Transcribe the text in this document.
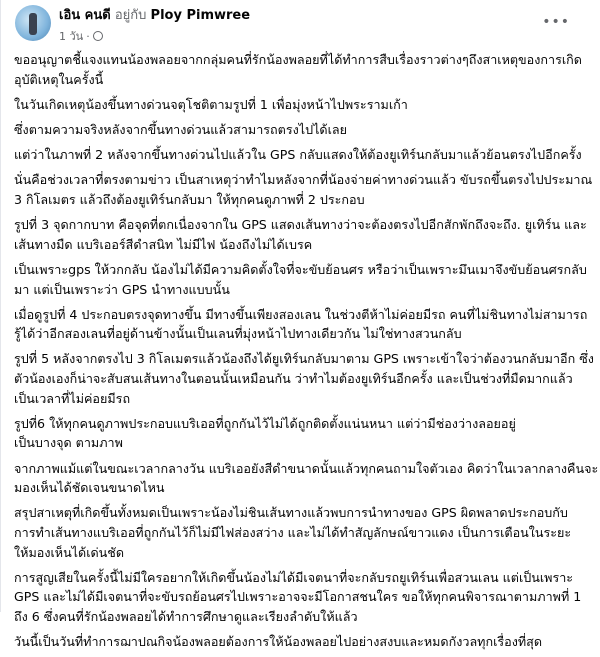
เอิน คนดี อยู่กับ Ploy Pimwree
1 วัน ·
•••
ขออนุญาตชี้แจงแทนน้องพลอยจากกลุ่มคนที่รักน้องพลอยที่ได้ทำการสืบเรื่องราวต่างๆถึงสาเหตุของการเกิด
อุบัติเหตุในครั้งนี้
ในวันเกิดเหตุน้องขึ้นทางด่วนจตุโชติตามรูปที่ 1 เพื่อมุ่งหน้าไปพระรามเก้า
ซึ่งตามความจริงหลังจากขึ้นทางด่วนแล้วสามารถตรงไปได้เลย
แต่ว่าในภาพที่ 2 หลังจากขึ้นทางด่วนไปแล้วใน GPS กลับแสดงให้ต้องยูเทิร์นกลับมาแล้วย้อนตรงไปอีกครั้ง
นั่นคือช่วงเวลาที่ตรงตามข่าว เป็นสาเหตุว่าทำไมหลังจากที่น้องจ่ายค่าทางด่วนแล้ว ขับรถขึ้นตรงไปประมาณ
3 กิโลเมตร แล้วถึงต้องยูเทิร์นกลับมา ให้ทุกคนดูภาพที่ 2 ประกอบ
รูปที่ 3 จุดกากบาท คือจุดที่ตกเนื่องจากใน GPS แสดงเส้นทางว่าจะต้องตรงไปอีกสักพักถึงจะถึง. ยูเทิร์น และ
เส้นทางมืด แบริเออร์สีดำสนิท ไม่มีไฟ น้องถึงไม่ได้เบรค
เป็นเพราะgps ให้วกกลับ น้องไม่ได้มีความคิดตั้งใจที่จะขับย้อนศร หรือว่าเป็นเพราะมึนเมาจึงขับย้อนศรกลับ
มา แต่เป็นเพราะว่า GPS นำทางแบบนั้น
เมื่อดูรูปที่ 4 ประกอบตรงจุดทางขึ้น มีทางขึ้นเพียงสองเลน ในช่วงตีห้าไม่ค่อยมีรถ คนที่ไม่ชินทางไม่สามารถ
รู้ได้ว่าอีกสองเลนที่อยู่ด้านข้างนั้นเป็นเลนที่มุ่งหน้าไปทางเดียวกัน ไม่ใช่ทางสวนกลับ
รูปที่ 5 หลังจากตรงไป 3 กิโลเมตรแล้วน้องถึงได้ยูเทิร์นกลับมาตาม GPS เพราะเข้าใจว่าต้องวนกลับมาอีก ซึ่ง
ตัวน้องเองก็น่าจะสับสนเส้นทางในตอนนั้นเหมือนกัน ว่าทำไมต้องยูเทิร์นอีกครั้ง และเป็นช่วงที่มืดมากแล้ว
เป็นเวลาที่ไม่ค่อยมีรถ
รูปที่6 ให้ทุกคนดูภาพประกอบแบริเออที่ถูกกันไว้ไม่ได้ถูกติดตั้งแน่นหนา แต่ว่ามีช่องว่างลอยอยู่
เป็นบางจุด ตามภาพ
จากภาพแม้แต่ในขณะเวลากลางวัน แบริเออยังสีดำขนาดนั้นแล้วทุกคนถามใจตัวเอง คิดว่าในเวลากลางคืนจะ
มองเห็นได้ชัดเจนขนาดไหน
สรุปสาเหตุที่เกิดขึ้นทั้งหมดเป็นเพราะน้องไม่ชินเส้นทางแล้วพบการนำทางของ GPS ผิดพลาดประกอบกับ
การทำเส้นทางแบริเออที่ถูกกันไว้ก็ไม่มีไฟส่องสว่าง และไม่ได้ทำสัญลักษณ์ขาวแดง เป็นการเตือนในระยะ
ให้มองเห็นได้เด่นชัด
การสูญเสียในครั้งนี้ไม่มีใครอยากให้เกิดขึ้นน้องไม่ได้มีเจตนาที่จะกลับรถยูเทิร์นเพื่อสวนเลน แต่เป็นเพราะ
GPS และไม่ได้มีเจตนาที่จะขับรถย้อนศรไปเพราะอาจจะมีโอกาสชนใคร ขอให้ทุกคนพิจารณาตามภาพที่ 1
ถึง 6 ซึ่งคนที่รักน้องพลอยได้ทำการศึกษาดูและเรียงลำดับให้แล้ว
วันนี้เป็นวันที่ทำการฌาปณกิจน้องพลอยต้องการให้น้องพลอยไปอย่างสงบและหมดกังวลทุกเรื่องที่สุด
